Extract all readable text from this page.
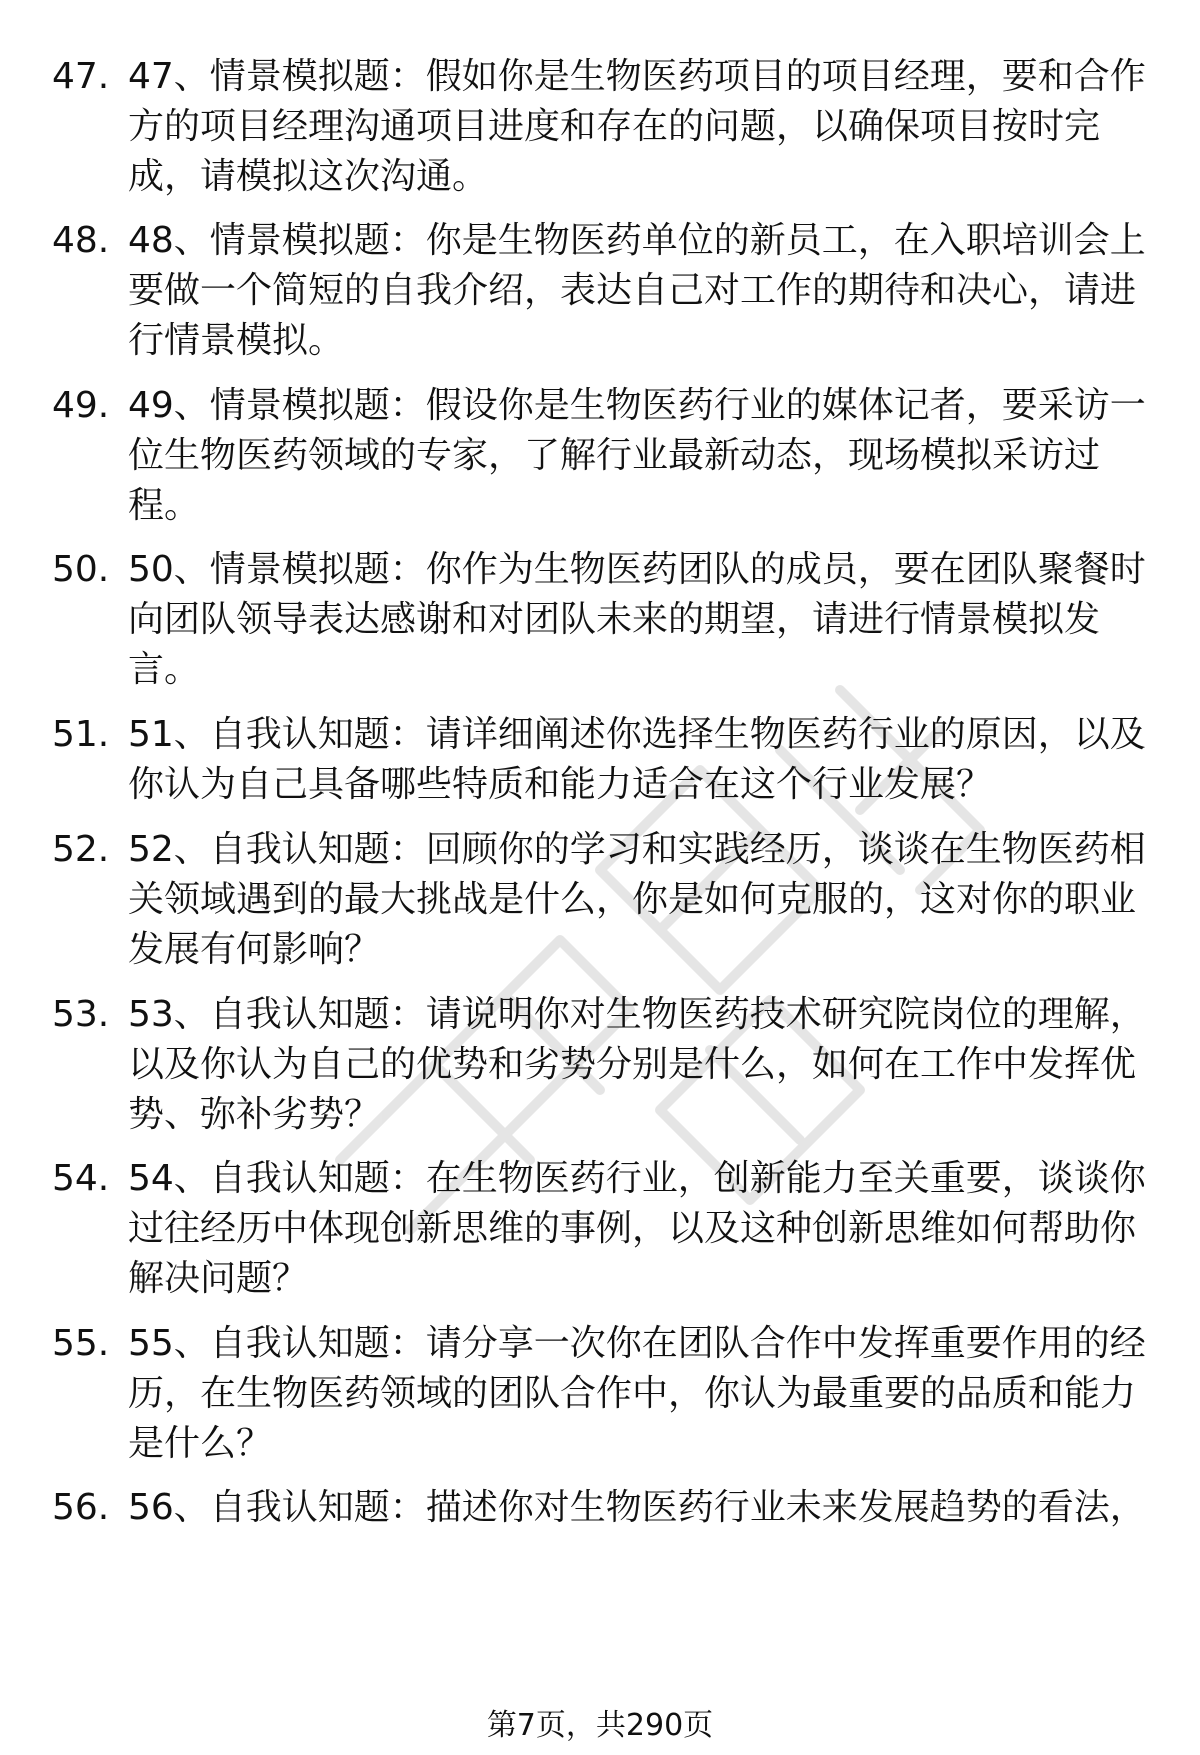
47. 47、情景模拟题：假如你是生物医药项目的项目经理，要和合作方的项目经理沟通项目进度和存在的问题，以确保项目按时完成，请模拟这次沟通。
48. 48、情景模拟题：你是生物医药单位的新员工，在入职培训会上要做一个简短的自我介绍，表达自己对工作的期待和决心，请进行情景模拟。
49. 49、情景模拟题：假设你是生物医药行业的媒体记者，要采访一位生物医药领域的专家，了解行业最新动态，现场模拟采访过程。
50. 50、情景模拟题：你作为生物医药团队的成员，要在团队聚餐时向团队领导表达感谢和对团队未来的期望，请进行情景模拟发言。
51. 51、自我认知题：请详细阐述你选择生物医药行业的原因，以及你认为自己具备哪些特质和能力适合在这个行业发展？
52. 52、自我认知题：回顾你的学习和实践经历，谈谈在生物医药相关领域遇到的最大挑战是什么，你是如何克服的，这对你的职业发展有何影响？
53. 53、自我认知题：请说明你对生物医药技术研究院岗位的理解，以及你认为自己的优势和劣势分别是什么，如何在工作中发挥优势、弥补劣势？
54. 54、自我认知题：在生物医药行业，创新能力至关重要，谈谈你过往经历中体现创新思维的事例，以及这种创新思维如何帮助你解决问题？
55. 55、自我认知题：请分享一次你在团队合作中发挥重要作用的经历，在生物医药领域的团队合作中，你认为最重要的品质和能力是什么？
56. 56、自我认知题：描述你对生物医药行业未来发展趋势的看法，
第7页，共290页
